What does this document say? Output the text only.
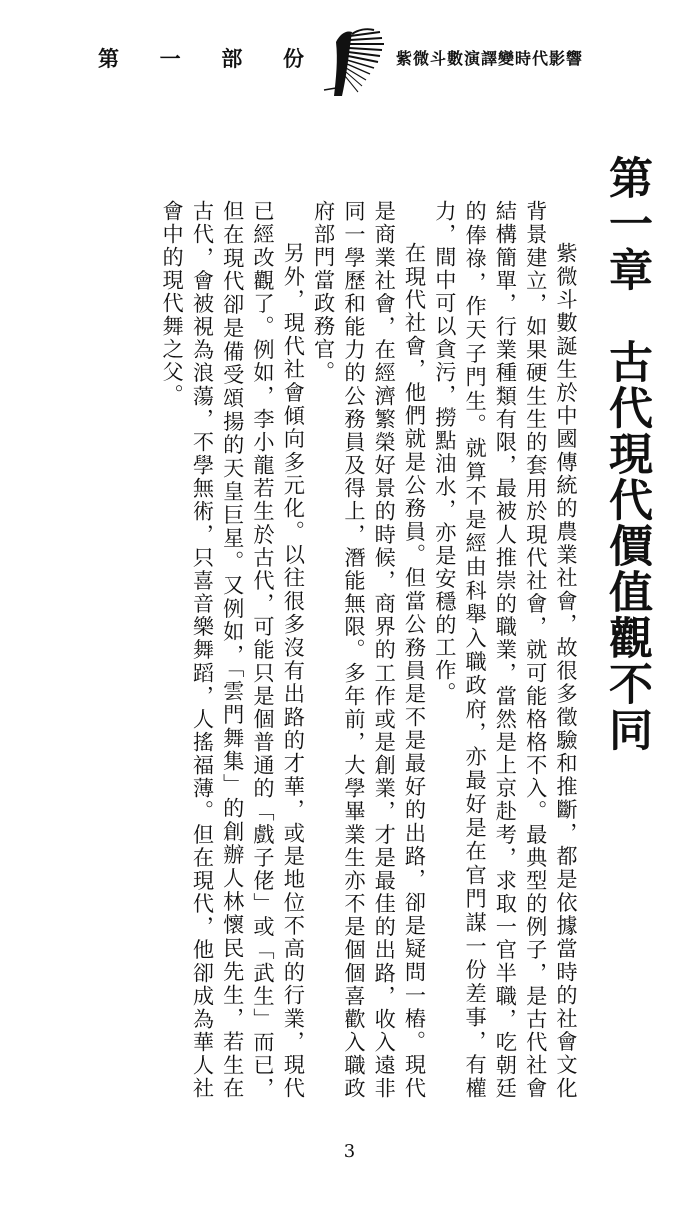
第 一 部 份	紫微斗數演譯變時代影響
第一章　古代現代價值觀不同

紫微斗數誕生於中國傳統的農業社會，故很多徵驗和推斷，都是依據當時的社會文化背景建立，如果硬生生的套用於現代社會，就可能格格不入。最典型的例子，是古代社會結構簡單，行業種類有限，最被人推崇的職業，當然是上京赴考，求取一官半職，吃朝廷的俸祿，作天子門生。就算不是經由科舉入職政府，亦最好是在官門謀一份差事，有權力，間中可以貪污，撈點油水，亦是安穩的工作。

在現代社會，他們就是公務員。但當公務員是不是最好的出路，卻是疑問一樁。現代是商業社會，在經濟繁榮好景的時候，商界的工作或是創業，才是最佳的出路，收入遠非同一學歷和能力的公務員及得上，潛能無限。多年前，大學畢業生亦不是個個喜歡入職政府部門當政務官。

另外，現代社會傾向多元化。以往很多沒有出路的才華，或是地位不高的行業，現代已經改觀了。例如，李小龍若生於古代，可能只是個普通的「戲子佬」或「武生」而已，但在現代卻是備受頌揚的天皇巨星。又例如，「雲門舞集」的創辦人林懷民先生，若生在古代，會被視為浪蕩，不學無術，只喜音樂舞蹈，人搖福薄。但在現代，他卻成為華人社會中的現代舞之父。

3
